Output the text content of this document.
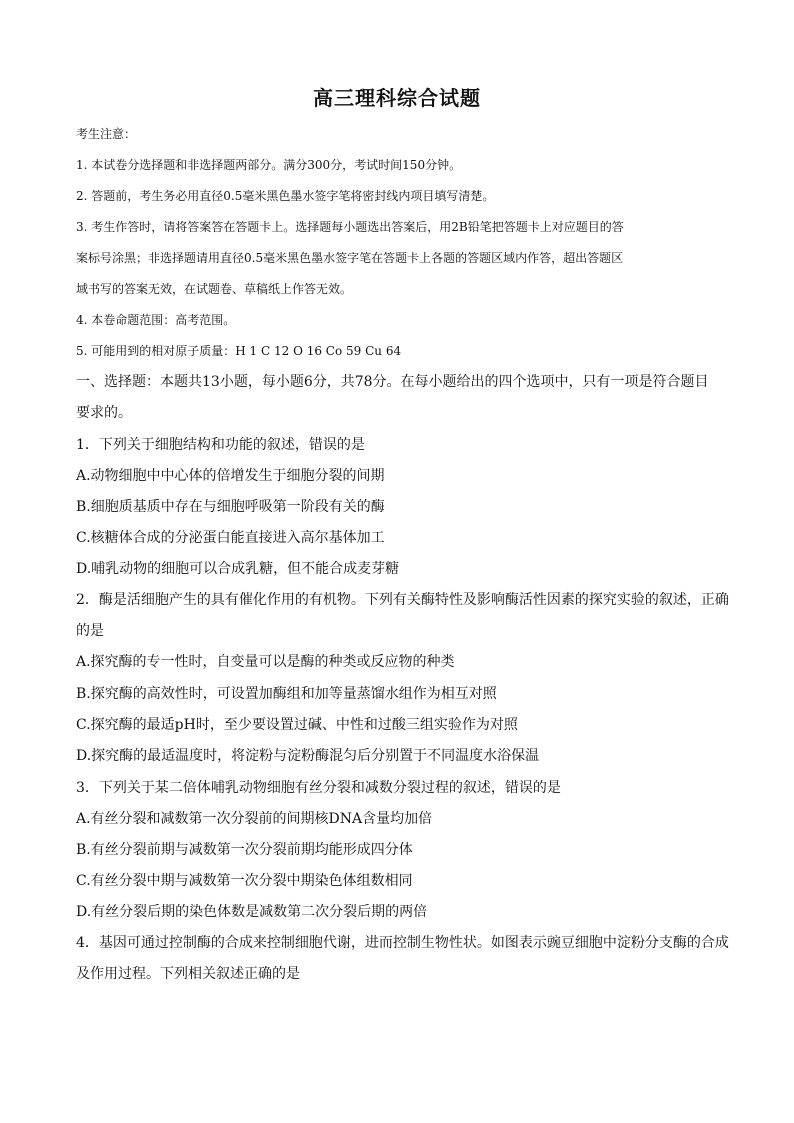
高三理科综合试题
考生注意：
1. 本试卷分选择题和非选择题两部分。满分300分，考试时间150分钟。
2. 答题前，考生务必用直径0.5毫米黑色墨水签字笔将密封线内项目填写清楚。
3. 考生作答时，请将答案答在答题卡上。选择题每小题选出答案后，用2B铅笔把答题卡上对应题目的答
案标号涂黑；非选择题请用直径0.5毫米黑色墨水签字笔在答题卡上各题的答题区域内作答，超出答题区
域书写的答案无效，在试题卷、草稿纸上作答无效。
4. 本卷命题范围：高考范围。
5. 可能用到的相对原子质量：H 1 C 12 O 16 Co 59 Cu 64
一、选择题：本题共13小题，每小题6分，共78分。在每小题给出的四个选项中，只有一项是符合题目
要求的。
1．下列关于细胞结构和功能的叙述，错误的是
A.动物细胞中中心体的倍增发生于细胞分裂的间期
B.细胞质基质中存在与细胞呼吸第一阶段有关的酶
C.核糖体合成的分泌蛋白能直接进入高尔基体加工
D.哺乳动物的细胞可以合成乳糖，但不能合成麦芽糖
2．酶是活细胞产生的具有催化作用的有机物。下列有关酶特性及影响酶活性因素的探究实验的叙述，正确
的是
A.探究酶的专一性时，自变量可以是酶的种类或反应物的种类
B.探究酶的高效性时，可设置加酶组和加等量蒸馏水组作为相互对照
C.探究酶的最适pH时，至少要设置过碱、中性和过酸三组实验作为对照
D.探究酶的最适温度时，将淀粉与淀粉酶混匀后分别置于不同温度水浴保温
3．下列关于某二倍体哺乳动物细胞有丝分裂和减数分裂过程的叙述，错误的是
A.有丝分裂和减数第一次分裂前的间期核DNA含量均加倍
B.有丝分裂前期与减数第一次分裂前期均能形成四分体
C.有丝分裂中期与减数第一次分裂中期染色体组数相同
D.有丝分裂后期的染色体数是减数第二次分裂后期的两倍
4．基因可通过控制酶的合成来控制细胞代谢，进而控制生物性状。如图表示豌豆细胞中淀粉分支酶的合成
及作用过程。下列相关叙述正确的是
